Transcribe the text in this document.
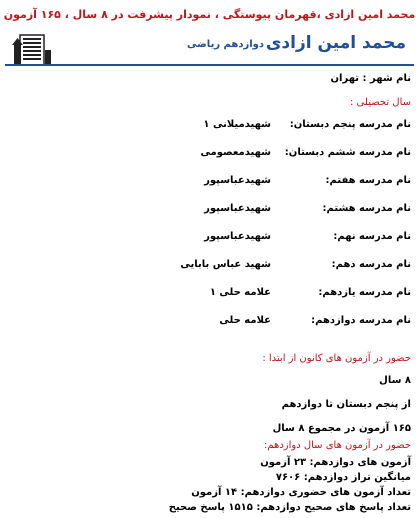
محمد امین ازادی ،قهرمان پیوستگی ، نمودار پیشرفت در ۸ سال ، ۱۶۵ آزمون
محمد امین ازادی
دوازدهم ریاضی
نام شهر : تهران
سال تحصیلی :
نام مدرسه پنجم دبستان:
شهیدمیلانی ۱
نام مدرسه ششم دبستان:
شهیدمعصومی
نام مدرسه هفتم:
شهیدعباسپور
نام مدرسه هشتم:
شهیدعباسپور
نام مدرسه نهم:
شهیدعباسپور
نام مدرسه دهم:
شهید عباس بابایی
نام مدرسه یازدهم:
علامه حلی ۱
نام مدرسه دوازدهم:
علامه حلی
حضور در آزمون های کانون از ابتدا :
۸ سال
از پنجم دبستان تا دوازدهم
۱۶۵ آزمون در مجموع ۸ سال
حضور در آزمون های سال دوازدهم:
آزمون های دوازدهم: ۲۳ آزمون
میانگین تراز دوازدهم: ۷۶۰۶
تعداد آزمون های حضوری دوازدهم: ۱۴ آزمون
تعداد پاسخ های صحیح دوازدهم: ۱۵۱۵ پاسخ صحیح
